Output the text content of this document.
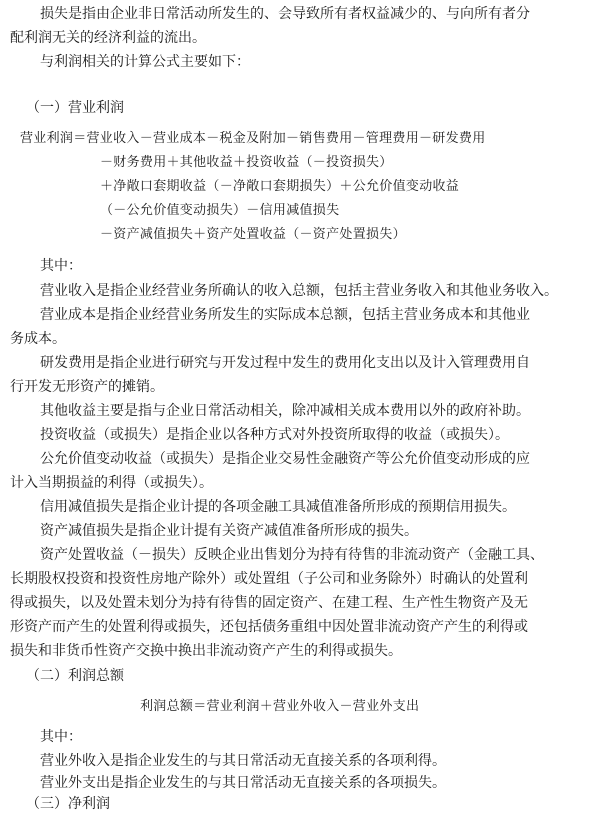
损失是指由企业非日常活动所发生的、会导致所有者权益减少的、与向所有者分
配利润无关的经济利益的流出。
与利润相关的计算公式主要如下：
（一）营业利润
营业利润＝营业收入－营业成本－税金及附加－销售费用－管理费用－研发费用
－财务费用＋其他收益＋投资收益（－投资损失）
＋净敞口套期收益（－净敞口套期损失）＋公允价值变动收益
（－公允价值变动损失）－信用减值损失
－资产减值损失＋资产处置收益（－资产处置损失）
其中：
营业收入是指企业经营业务所确认的收入总额，包括主营业务收入和其他业务收入。
营业成本是指企业经营业务所发生的实际成本总额，包括主营业务成本和其他业
务成本。
研发费用是指企业进行研究与开发过程中发生的费用化支出以及计入管理费用自
行开发无形资产的摊销。
其他收益主要是指与企业日常活动相关，除冲减相关成本费用以外的政府补助。
投资收益（或损失）是指企业以各种方式对外投资所取得的收益（或损失）。
公允价值变动收益（或损失）是指企业交易性金融资产等公允价值变动形成的应
计入当期损益的利得（或损失）。
信用减值损失是指企业计提的各项金融工具减值准备所形成的预期信用损失。
资产减值损失是指企业计提有关资产减值准备所形成的损失。
资产处置收益（－损失）反映企业出售划分为持有待售的非流动资产（金融工具、
长期股权投资和投资性房地产除外）或处置组（子公司和业务除外）时确认的处置利
得或损失，以及处置未划分为持有待售的固定资产、在建工程、生产性生物资产及无
形资产而产生的处置利得或损失，还包括债务重组中因处置非流动资产产生的利得或
损失和非货币性资产交换中换出非流动资产产生的利得或损失。
（二）利润总额
利润总额＝营业利润＋营业外收入－营业外支出
其中：
营业外收入是指企业发生的与其日常活动无直接关系的各项利得。
营业外支出是指企业发生的与其日常活动无直接关系的各项损失。
（三）净利润
